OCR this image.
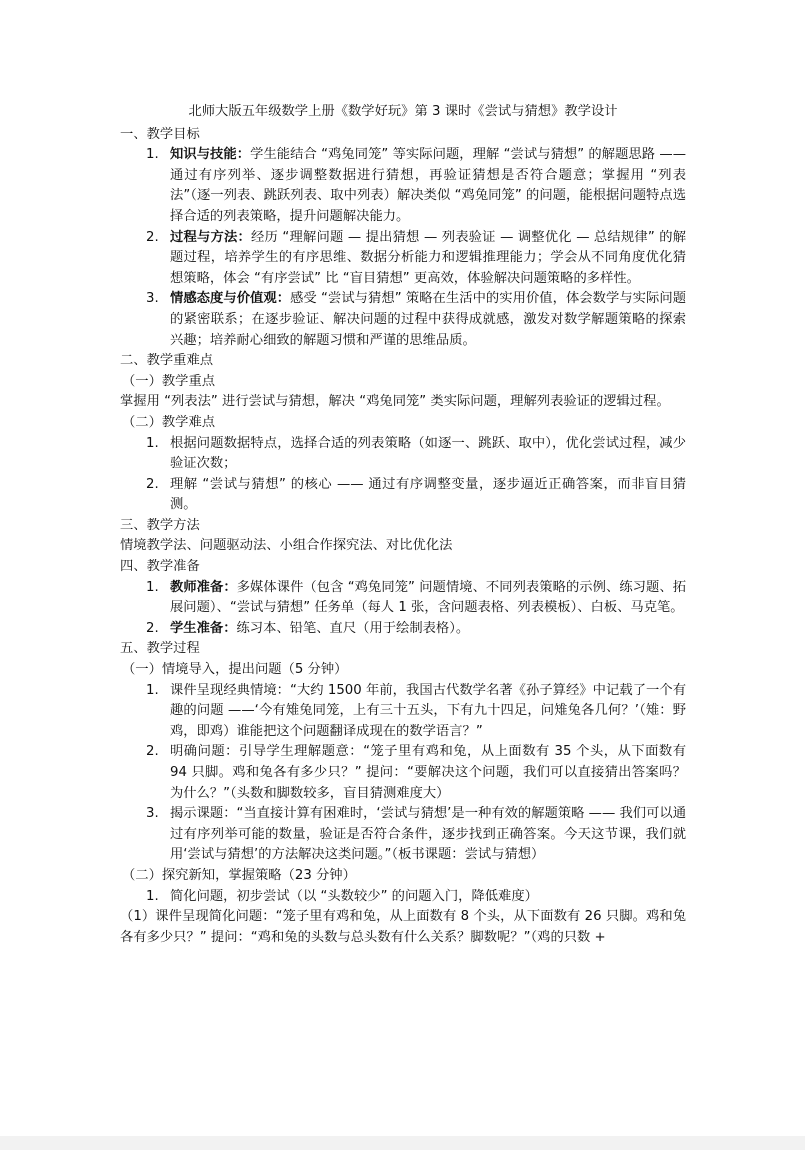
北师大版五年级数学上册《数学好玩》第 3 课时《尝试与猜想》教学设计
一、教学目标
1. 知识与技能：学生能结合 “鸡兔同笼” 等实际问题，理解 “尝试与猜想” 的解题思路 —— 通过有序列举、逐步调整数据进行猜想，再验证猜想是否符合题意；掌握用 “列表法”（逐一列表、跳跃列表、取中列表）解决类似 “鸡兔同笼” 的问题，能根据问题特点选择合适的列表策略，提升问题解决能力。
2. 过程与方法：经历 “理解问题 — 提出猜想 — 列表验证 — 调整优化 — 总结规律” 的解题过程，培养学生的有序思维、数据分析能力和逻辑推理能力；学会从不同角度优化猜想策略，体会 “有序尝试” 比 “盲目猜想” 更高效，体验解决问题策略的多样性。
3. 情感态度与价值观：感受 “尝试与猜想” 策略在生活中的实用价值，体会数学与实际问题的紧密联系；在逐步验证、解决问题的过程中获得成就感，激发对数学解题策略的探索兴趣；培养耐心细致的解题习惯和严谨的思维品质。
二、教学重难点
（一）教学重点
掌握用 “列表法” 进行尝试与猜想，解决 “鸡兔同笼” 类实际问题，理解列表验证的逻辑过程。
（二）教学难点
1. 根据问题数据特点，选择合适的列表策略（如逐一、跳跃、取中），优化尝试过程，减少验证次数；
2. 理解 “尝试与猜想” 的核心 —— 通过有序调整变量，逐步逼近正确答案，而非盲目猜测。
三、教学方法
情境教学法、问题驱动法、小组合作探究法、对比优化法
四、教学准备
1. 教师准备：多媒体课件（包含 “鸡兔同笼” 问题情境、不同列表策略的示例、练习题、拓展问题）、“尝试与猜想” 任务单（每人 1 张，含问题表格、列表模板）、白板、马克笔。
2. 学生准备：练习本、铅笔、直尺（用于绘制表格）。
五、教学过程
（一）情境导入，提出问题（5 分钟）
1. 课件呈现经典情境：“大约 1500 年前，我国古代数学名著《孙子算经》中记载了一个有趣的问题 ——‘今有雉兔同笼，上有三十五头，下有九十四足，问雉兔各几何？’（雉：野鸡，即鸡）谁能把这个问题翻译成现在的数学语言？”
2. 明确问题：引导学生理解题意：“笼子里有鸡和兔，从上面数有 35 个头，从下面数有 94 只脚。鸡和兔各有多少只？” 提问：“要解决这个问题，我们可以直接猜出答案吗？为什么？”（头数和脚数较多，盲目猜测难度大）
3. 揭示课题：“当直接计算有困难时，‘尝试与猜想’是一种有效的解题策略 —— 我们可以通过有序列举可能的数量，验证是否符合条件，逐步找到正确答案。今天这节课，我们就用‘尝试与猜想’的方法解决这类问题。”（板书课题：尝试与猜想）
（二）探究新知，掌握策略（23 分钟）
1. 简化问题，初步尝试（以 “头数较少” 的问题入门，降低难度）
（1）课件呈现简化问题：“笼子里有鸡和兔，从上面数有 8 个头，从下面数有 26 只脚。鸡和兔各有多少只？” 提问：“鸡和兔的头数与总头数有什么关系？脚数呢？”（鸡的只数 +
